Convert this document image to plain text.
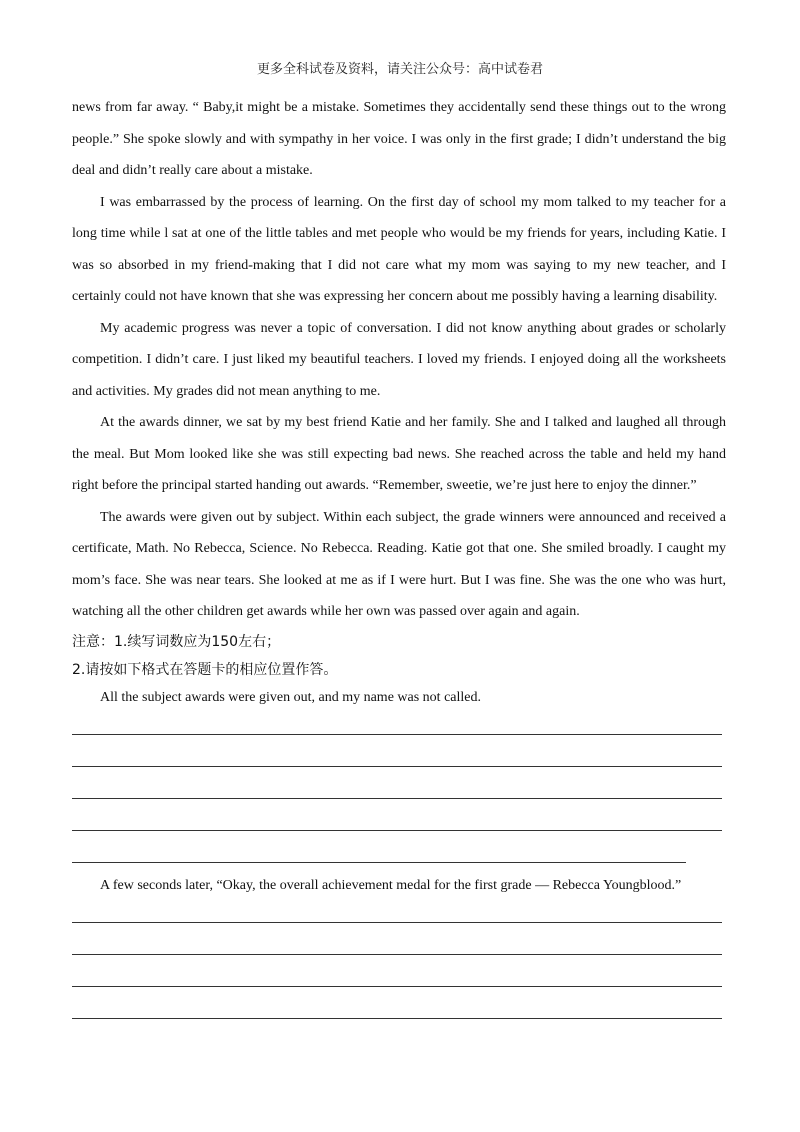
更多全科试卷及资料，请关注公众号：高中试卷君

news from far away. “ Baby,it might be a mistake. Sometimes they accidentally send these things out to the wrong people.” She spoke slowly and with sympathy in her voice. I was only in the first grade; I didn’t understand the big deal and didn’t really care about a mistake.

I was embarrassed by the process of learning. On the first day of school my mom talked to my teacher for a long time while l sat at one of the little tables and met people who would be my friends for years, including Katie. I was so absorbed in my friend-making that I did not care what my mom was saying to my new teacher, and I certainly could not have known that she was expressing her concern about me possibly having a learning disability.

My academic progress was never a topic of conversation. I did not know anything about grades or scholarly competition. I didn’t care. I just liked my beautiful teachers. I loved my friends. I enjoyed doing all the worksheets and activities. My grades did not mean anything to me.

At the awards dinner, we sat by my best friend Katie and her family. She and I talked and laughed all through the meal. But Mom looked like she was still expecting bad news. She reached across the table and held my hand right before the principal started handing out awards. “Remember, sweetie, we’re just here to enjoy the dinner.”

The awards were given out by subject. Within each subject, the grade winners were announced and received a certificate, Math. No Rebecca, Science. No Rebecca. Reading. Katie got that one. She smiled broadly. I caught my mom’s face. She was near tears. She looked at me as if I were hurt. But I was fine. She was the one who was hurt, watching all the other children get awards while her own was passed over again and again.

注意：1.续写词数应为150左右；

2.请按如下格式在答题卡的相应位置作答。

All the subject awards were given out, and my name was not called.

A few seconds later, “Okay, the overall achievement medal for the first grade — Rebecca Youngblood.”
